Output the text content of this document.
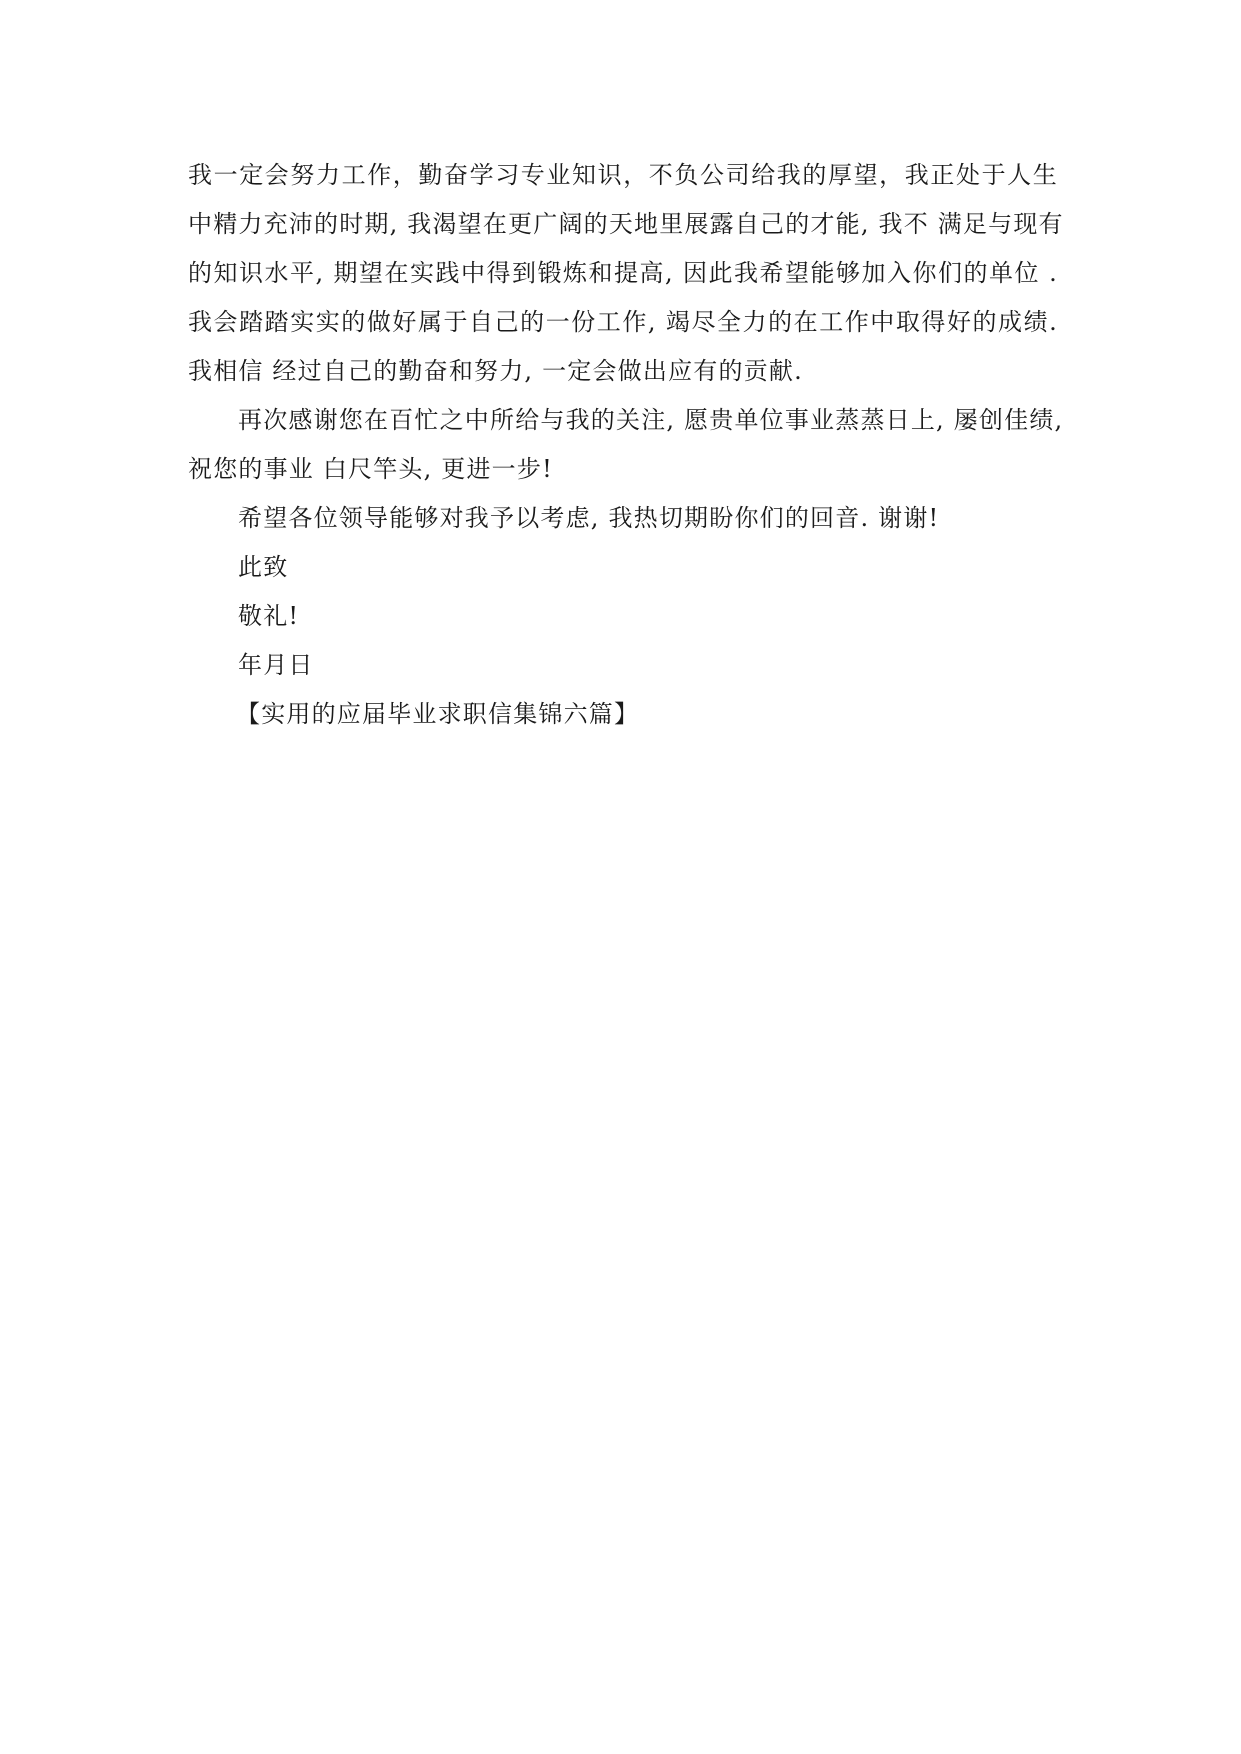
我一定会努力工作，勤奋学习专业知识，不负公司给我的厚望，我正处于人生
中精力充沛的时期, 我渴望在更广阔的天地里展露自己的才能, 我不 满足与现有
的知识水平, 期望在实践中得到锻炼和提高, 因此我希望能够加入你们的单位 .
我会踏踏实实的做好属于自己的一份工作, 竭尽全力的在工作中取得好的成绩.
我相信 经过自己的勤奋和努力, 一定会做出应有的贡献.
再次感谢您在百忙之中所给与我的关注, 愿贵单位事业蒸蒸日上, 屡创佳绩,
祝您的事业 白尺竿头, 更进一步!
希望各位领导能够对我予以考虑, 我热切期盼你们的回音. 谢谢!
此致
敬礼!
年月日
【实用的应届毕业求职信集锦六篇】
